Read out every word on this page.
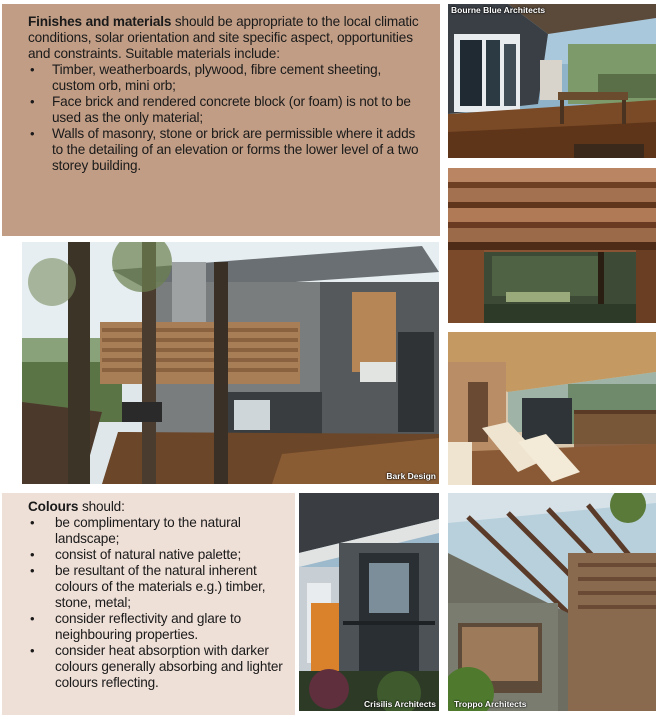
Finishes and materials should be appropriate to the local climatic conditions, solar orientation and site specific aspect, opportunities and constraints. Suitable materials include:

• Timber, weatherboards, plywood, fibre cement sheeting, custom orb, mini orb;
• Face brick and rendered concrete block (or foam) is not to be used as the only material;
• Walls of masonry, stone or brick are permissible where it adds to the detailing of an elevation or forms the lower level of a two storey building.
Bourne Blue Architects
Bark Design

Colours should:

• be complimentary to the natural landscape;
• consist of natural native palette;
• be resultant of the natural inherent colours of the materials e.g.) timber, stone, metal;
• consider reflectivity and glare to neighbouring properties.
• consider heat absorption with darker colours generally absorbing and lighter colours reflecting.
Crisilis Architects Troppo Architects
